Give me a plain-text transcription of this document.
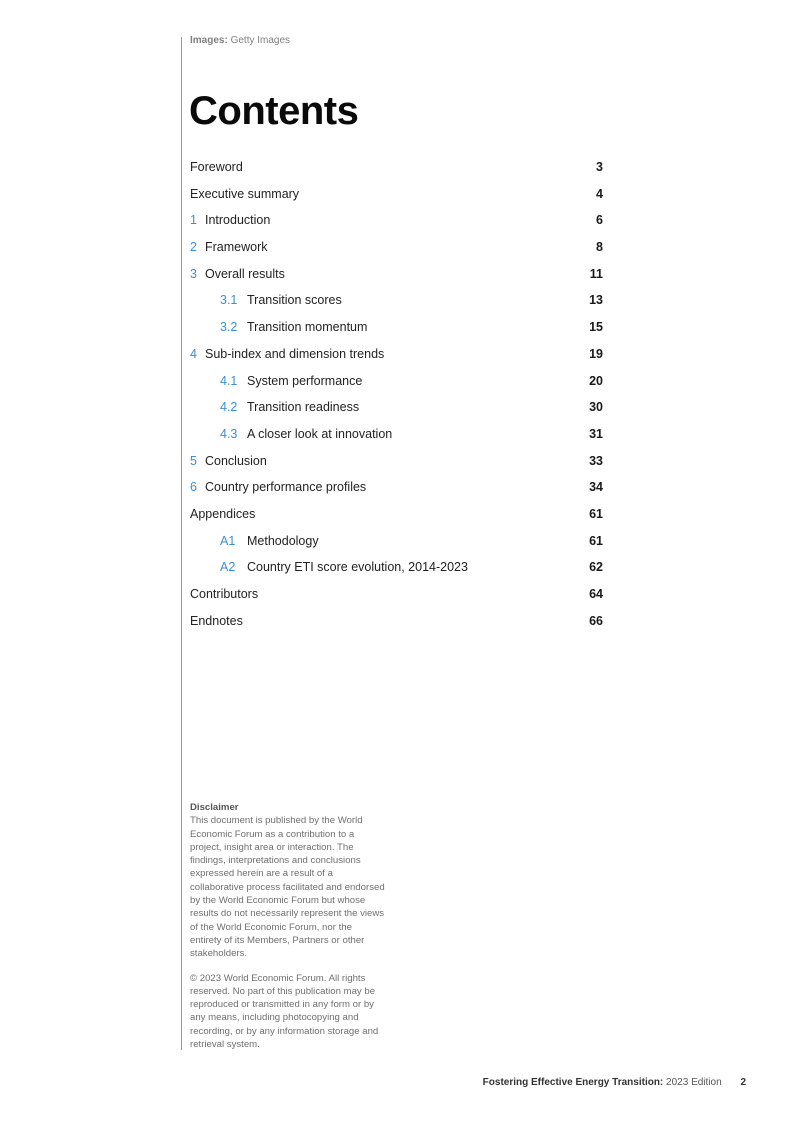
Images: Getty Images
Contents
Foreword	3
Executive summary	4
1 Introduction	6
2 Framework	8
3 Overall results	11
3.1 Transition scores	13
3.2 Transition momentum	15
4 Sub-index and dimension trends	19
4.1 System performance	20
4.2 Transition readiness	30
4.3 A closer look at innovation	31
5 Conclusion	33
6 Country performance profiles	34
Appendices	61
A1 Methodology	61
A2 Country ETI score evolution, 2014-2023	62
Contributors	64
Endnotes	66

Disclaimer

This document is published by the World Economic Forum as a contribution to a project, insight area or interaction. The findings, interpretations and conclusions expressed herein are a result of a collaborative process facilitated and endorsed by the World Economic Forum but whose results do not necessarily represent the views of the World Economic Forum, nor the entirety of its Members, Partners or other stakeholders.

© 2023 World Economic Forum. All rights reserved. No part of this publication may be reproduced or transmitted in any form or by any means, including photocopying and recording, or by any information storage and retrieval system.

Fostering Effective Energy Transition: 2023 Edition 2
